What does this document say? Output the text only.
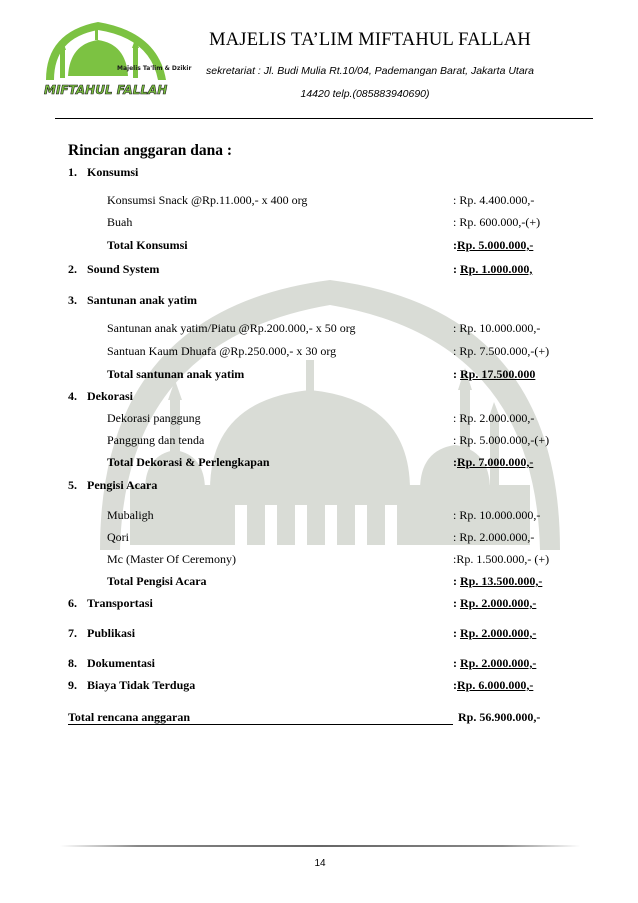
Majelis Ta'lim & Dzikir
MIFTAHUL FALLAH
MAJELIS TA’LIM MIFTAHUL FALLAH
sekretariat : Jl. Budi Mulia Rt.10/04, Pademangan Barat, Jakarta Utara
14420 telp.(085883940690)
Rincian anggaran dana :
1. Konsumsi
Konsumsi Snack @Rp.11.000,- x 400 org	: Rp. 4.400.000,-
Buah	: Rp. 600.000,-(+)
Total Konsumsi	:Rp. 5.000.000,-
2. Sound System	: Rp. 1.000.000,
3. Santunan anak yatim
Santunan anak yatim/Piatu @Rp.200.000,- x 50 org	: Rp. 10.000.000,-
Santuan Kaum Dhuafa @Rp.250.000,- x 30 org	: Rp. 7.500.000,-(+)
Total santunan anak yatim	: Rp. 17.500.000
4. Dekorasi
Dekorasi panggung	: Rp. 2.000.000,-
Panggung dan tenda	: Rp. 5.000.000,-(+)
Total Dekorasi & Perlengkapan	:Rp. 7.000.000,-
5. Pengisi Acara
Mubaligh	: Rp. 10.000.000,-
Qori	: Rp. 2.000.000,-
Mc (Master Of Ceremony)	:Rp. 1.500.000,- (+)
Total Pengisi Acara	: Rp. 13.500.000,-
6. Transportasi	: Rp. 2.000.000,-
7. Publikasi	: Rp. 2.000.000,-
8. Dokumentasi	: Rp. 2.000.000,-
9. Biaya Tidak Terduga	:Rp. 6.000.000,-
Total rencana anggaran	Rp. 56.900.000,-
14
